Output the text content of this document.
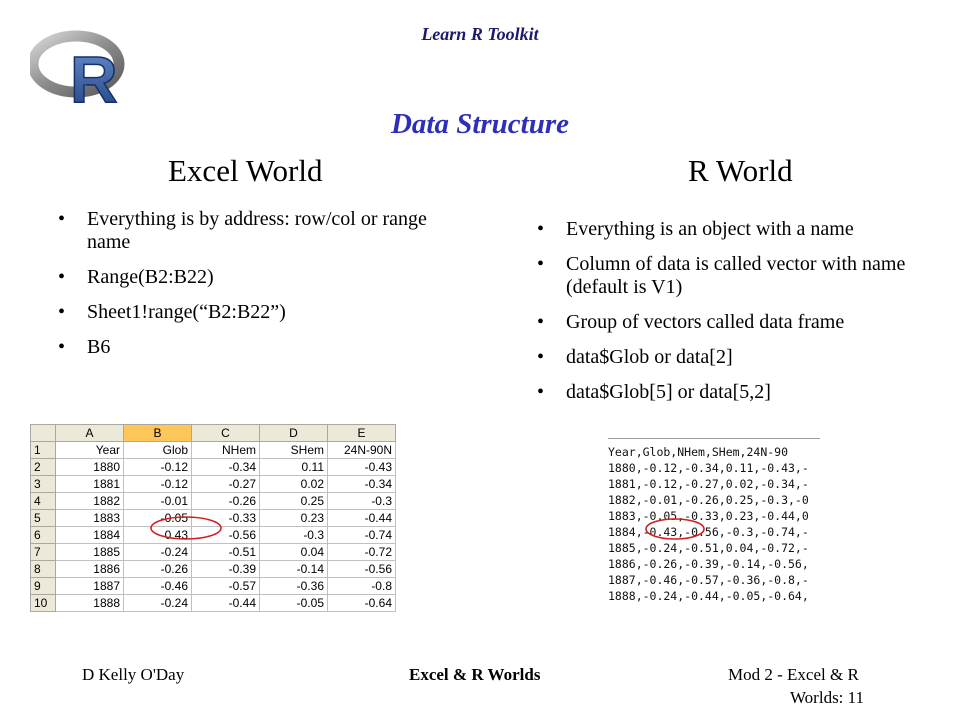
R
Learn R Toolkit
Data Structure
Excel World	R World
• Everything is by address: row/col or range name
• Range(B2:B22)
• Sheet1!range(“B2:B22”)
• B6
• Everything is an object with a name
• Column of data is called vector with name (default is V1)
• Group of vectors called data frame
• data$Glob or data[2]
• data$Glob[5] or data[5,2]
	A	B	C	D	E
1	Year	Glob	NHem	SHem	24N-90N
2	1880	-0.12	-0.34	0.11	-0.43
3	1881	-0.12	-0.27	0.02	-0.34
4	1882	-0.01	-0.26	0.25	-0.3
5	1883	-0.05	-0.33	0.23	-0.44
6	1884	-0.43	-0.56	-0.3	-0.74
7	1885	-0.24	-0.51	0.04	-0.72
8	1886	-0.26	-0.39	-0.14	-0.56
9	1887	-0.46	-0.57	-0.36	-0.8
10	1888	-0.24	-0.44	-0.05	-0.64
Year,Glob,NHem,SHem,24N-90
1880,-0.12,-0.34,0.11,-0.43,-
1881,-0.12,-0.27,0.02,-0.34,-
1882,-0.01,-0.26,0.25,-0.3,-0
1883,-0.05,-0.33,0.23,-0.44,0
1884,-0.43,-0.56,-0.3,-0.74,-
1885,-0.24,-0.51,0.04,-0.72,-
1886,-0.26,-0.39,-0.14,-0.56,
1887,-0.46,-0.57,-0.36,-0.8,-
1888,-0.24,-0.44,-0.05,-0.64,
D Kelly O'Day	Excel & R Worlds	Mod 2 - Excel & R
Worlds: 11
